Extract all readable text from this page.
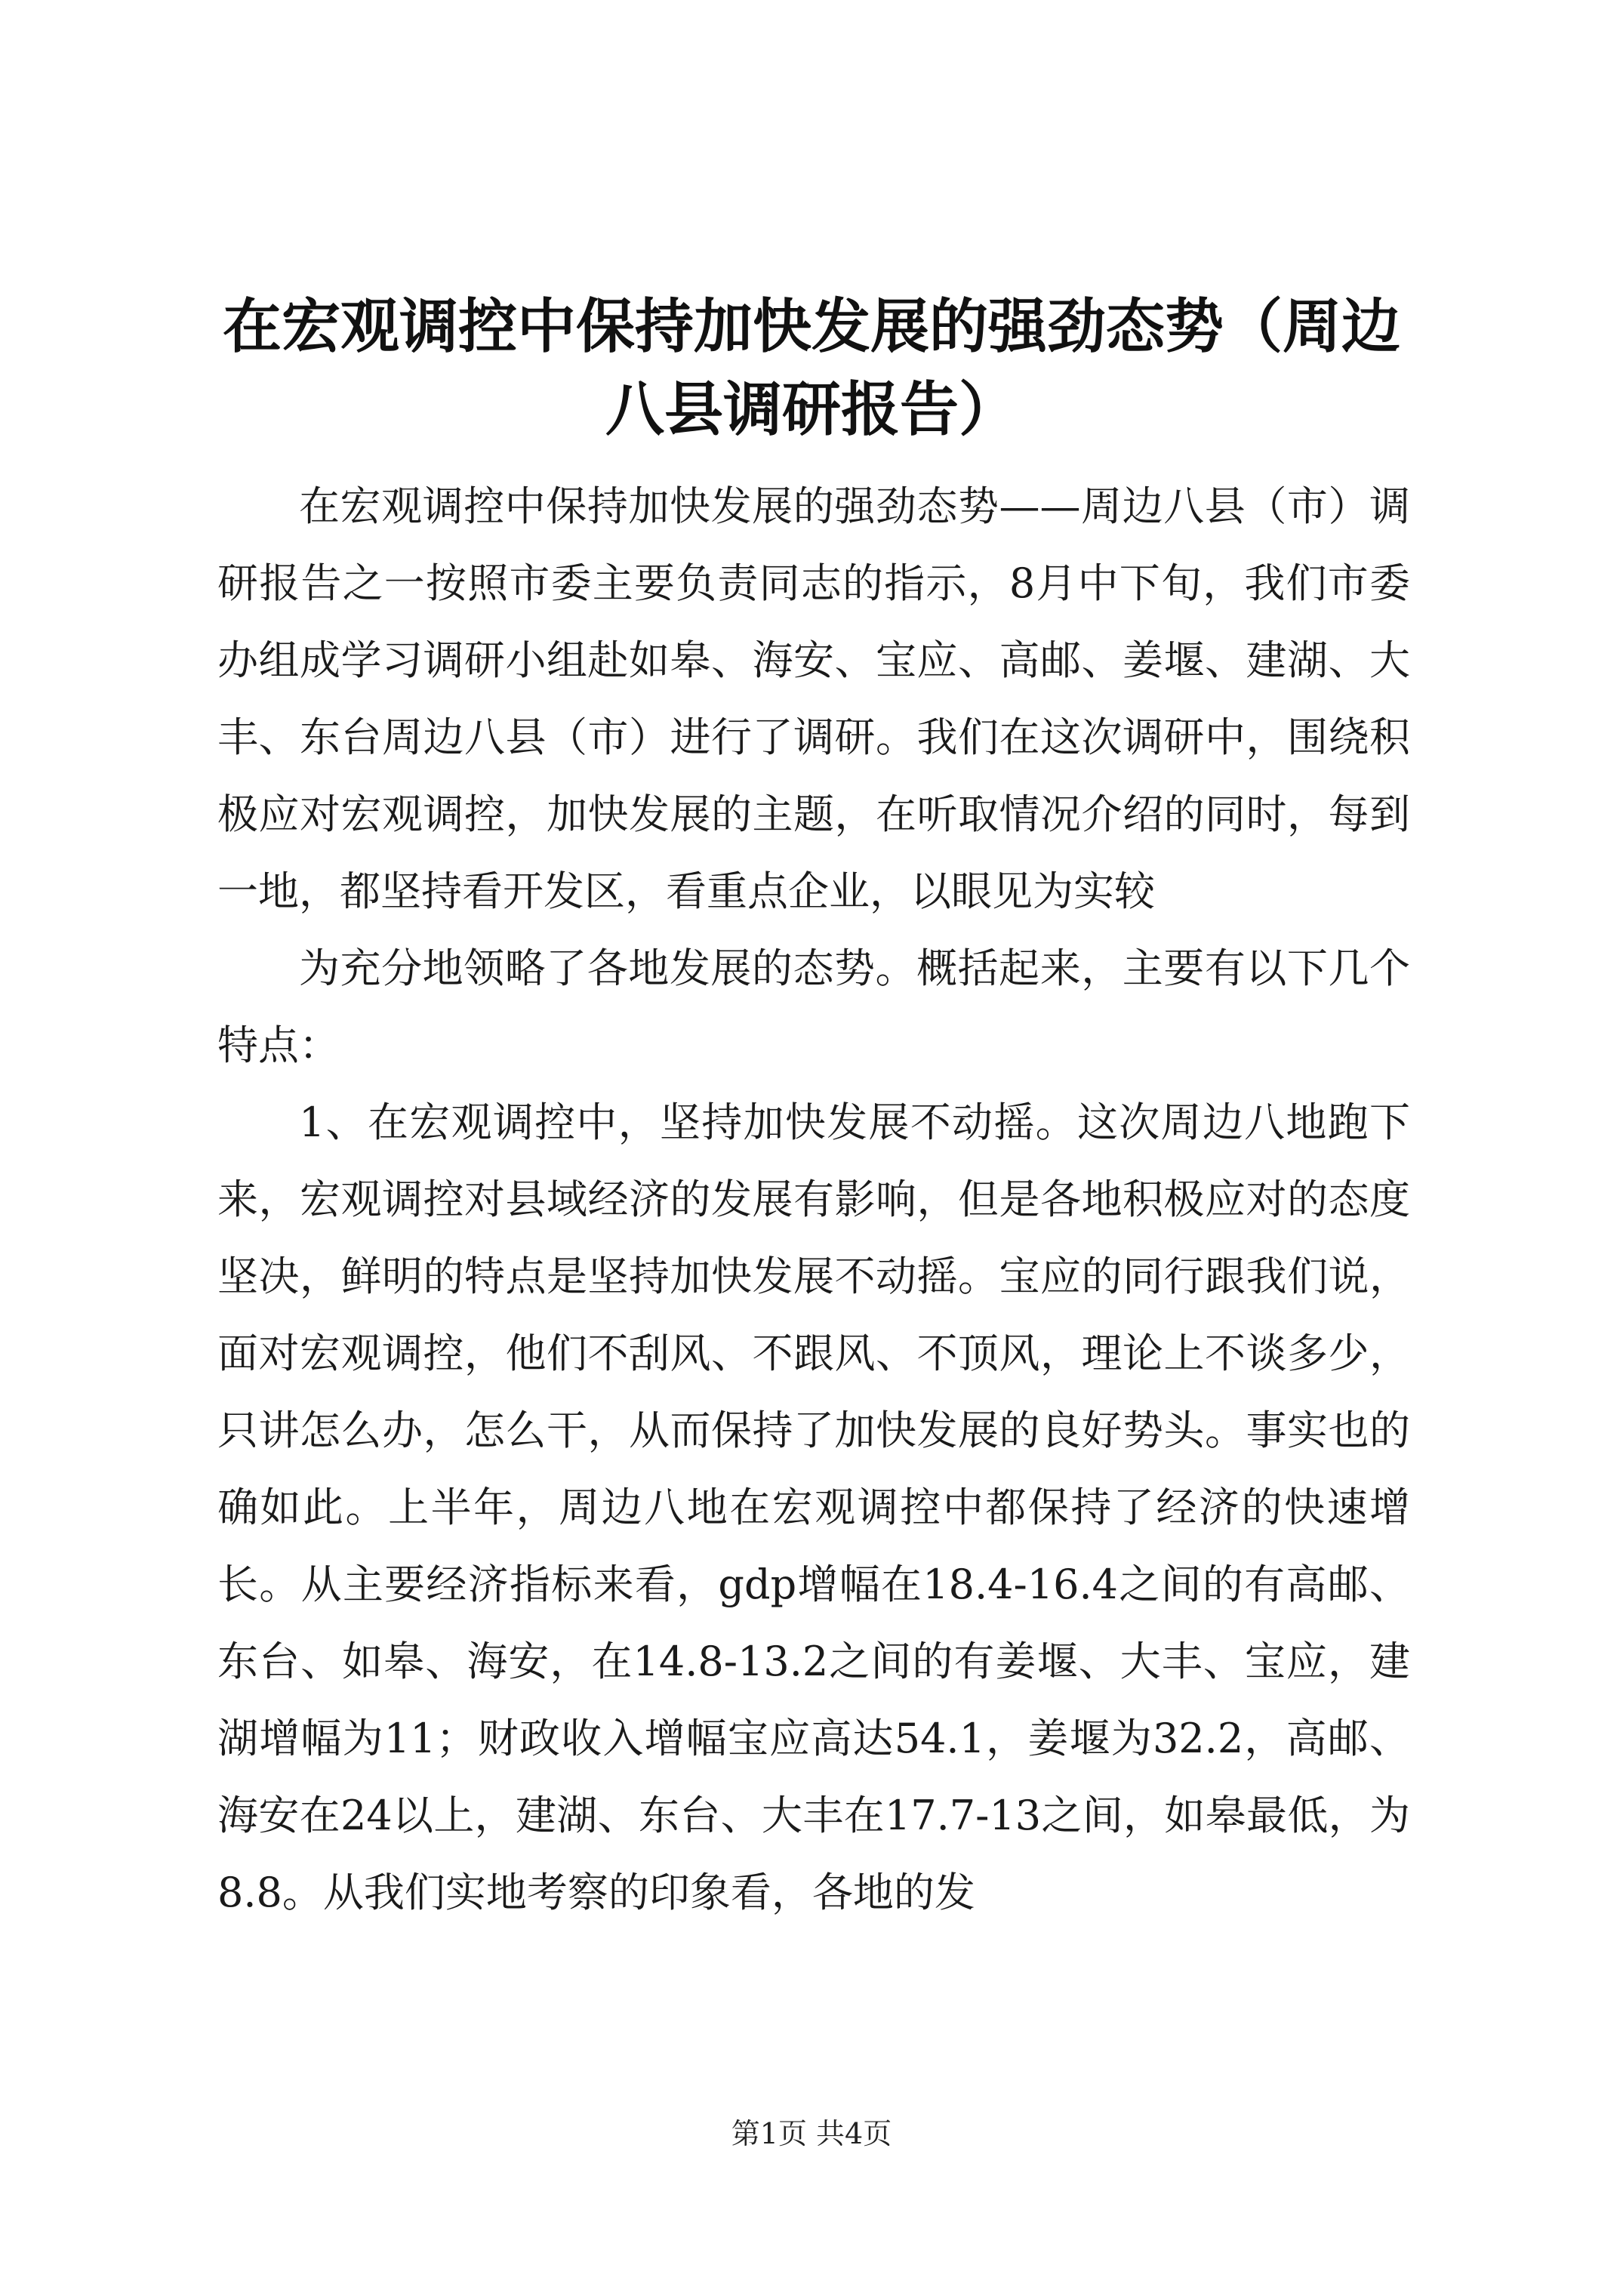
在宏观调控中保持加快发展的强劲态势（周边
八县调研报告）

在宏观调控中保持加快发展的强劲态势——周边八县（市）调研报告之一按照市委主要负责同志的指示，8月中下旬，我们市委办组成学习调研小组赴如皋、海安、宝应、高邮、姜堰、建湖、大丰、东台周边八县（市）进行了调研。我们在这次调研中，围绕积极应对宏观调控，加快发展的主题，在听取情况介绍的同时，每到一地，都坚持看开发区，看重点企业，以眼见为实较

为充分地领略了各地发展的态势。概括起来，主要有以下几个特点：

1、在宏观调控中，坚持加快发展不动摇。这次周边八地跑下来，宏观调控对县域经济的发展有影响，但是各地积极应对的态度坚决，鲜明的特点是坚持加快发展不动摇。宝应的同行跟我们说，面对宏观调控，他们不刮风、不跟风、不顶风，理论上不谈多少，只讲怎么办，怎么干，从而保持了加快发展的良好势头。事实也的确如此。上半年，周边八地在宏观调控中都保持了经济的快速增长。从主要经济指标来看，gdp增幅在18.4-16.4之间的有高邮、东台、如皋、海安，在14.8-13.2之间的有姜堰、大丰、宝应，建湖增幅为11；财政收入增幅宝应高达54.1，姜堰为32.2，高邮、海安在24以上，建湖、东台、大丰在17.7-13之间，如皋最低，为8.8。从我们实地考察的印象看，各地的发

第1页 共4页
